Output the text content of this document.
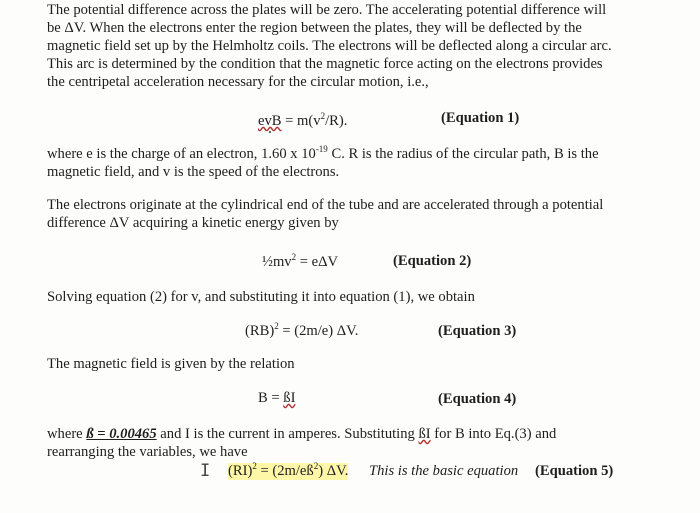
The potential difference across the plates will be zero. The accelerating potential difference will
be ΔV. When the electrons enter the region between the plates, they will be deflected by the
magnetic field set up by the Helmholtz coils. The electrons will be deflected along a circular arc.
This arc is determined by the condition that the magnetic force acting on the electrons provides
the centripetal acceleration necessary for the circular motion, i.e.,

evB = $m(v^2/R)$.	(Equation 1)

where e is the charge of an electron, 1.60 x $10^{-19}$ C. R is the radius of the circular path, B is the
magnetic field, and v is the speed of the electrons.

The electrons originate at the cylindrical end of the tube and are accelerated through a potential
difference ΔV acquiring a kinetic energy given by

$\frac{1}{2}mv^2 = e\Delta V$	(Equation 2)

Solving equation (2) for v, and substituting it into equation (1), we obtain

(RB)$^2$ = (2m/e) ΔV.	(Equation 3)

The magnetic field is given by the relation

B = ßI	(Equation 4)

where ß = 0.00465 and I is the current in amperes. Substituting ßI for B into Eq.(3) and
rearranging the variables, we have

I $(RI)^2 = (2m/eß^2)$ ΔV. This is the basic equation (Equation 5)
